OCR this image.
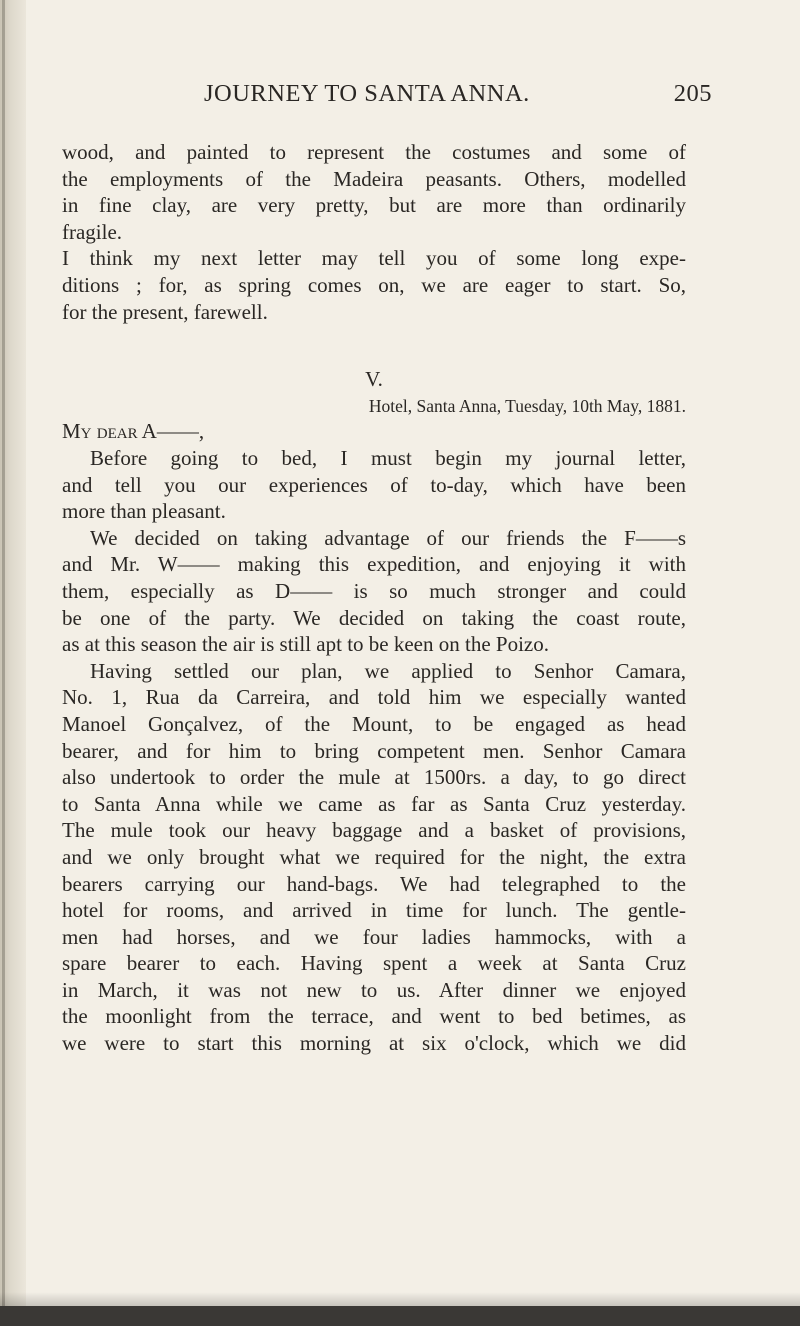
JOURNEY TO SANTA ANNA.	205
wood, and painted to represent the costumes and some of
the employments of the Madeira peasants. Others, modelled
in fine clay, are very pretty, but are more than ordinarily
fragile.
I think my next letter may tell you of some long expe-
ditions ; for, as spring comes on, we are eager to start. So,
for the present, farewell.
V.
Hotel, Santa Anna, Tuesday, 10th May, 1881.
My dear A——,
Before going to bed, I must begin my journal letter,
and tell you our experiences of to-day, which have been
more than pleasant.
We decided on taking advantage of our friends the F——s
and Mr. W—— making this expedition, and enjoying it with
them, especially as D—— is so much stronger and could
be one of the party. We decided on taking the coast route,
as at this season the air is still apt to be keen on the Poizo.
Having settled our plan, we applied to Senhor Camara,
No. 1, Rua da Carreira, and told him we especially wanted
Manoel Gonçalvez, of the Mount, to be engaged as head
bearer, and for him to bring competent men. Senhor Camara
also undertook to order the mule at 1500rs. a day, to go direct
to Santa Anna while we came as far as Santa Cruz yesterday.
The mule took our heavy baggage and a basket of provisions,
and we only brought what we required for the night, the extra
bearers carrying our hand-bags. We had telegraphed to the
hotel for rooms, and arrived in time for lunch. The gentle-
men had horses, and we four ladies hammocks, with a
spare bearer to each. Having spent a week at Santa Cruz
in March, it was not new to us. After dinner we enjoyed
the moonlight from the terrace, and went to bed betimes, as
we were to start this morning at six o'clock, which we did
